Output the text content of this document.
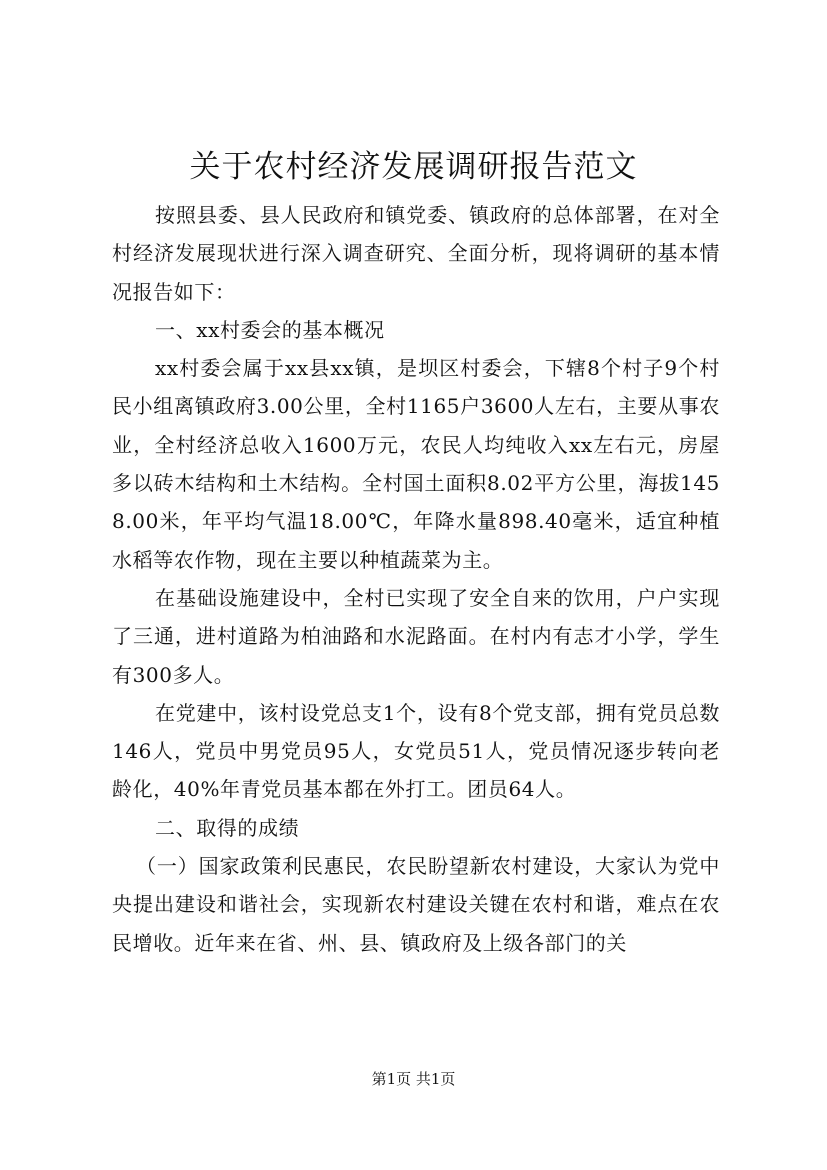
关于农村经济发展调研报告范文

按照县委、县人民政府和镇党委、镇政府的总体部署，在对全村经济发展现状进行深入调查研究、全面分析，现将调研的基本情况报告如下：

一、xx村委会的基本概况

xx村委会属于xx县xx镇，是坝区村委会，下辖8个村子9个村民小组离镇政府3.00公里，全村1165户3600人左右，主要从事农业，全村经济总收入1600万元，农民人均纯收入xx左右元，房屋多以砖木结构和土木结构。全村国土面积8.02平方公里，海拔1458.00米，年平均气温18.00℃，年降水量898.40毫米，适宜种植水稻等农作物，现在主要以种植蔬菜为主。

在基础设施建设中，全村已实现了安全自来的饮用，户户实现了三通，进村道路为柏油路和水泥路面。在村内有志才小学，学生有300多人。

在党建中，该村设党总支1个，设有8个党支部，拥有党员总数146人，党员中男党员95人，女党员51人，党员情况逐步转向老龄化，40%年青党员基本都在外打工。团员64人。

二、取得的成绩

（一）国家政策利民惠民，农民盼望新农村建设，大家认为党中央提出建设和谐社会，实现新农村建设关键在农村和谐，难点在农民增收。近年来在省、州、县、镇政府及上级各部门的关

第1页 共1页
